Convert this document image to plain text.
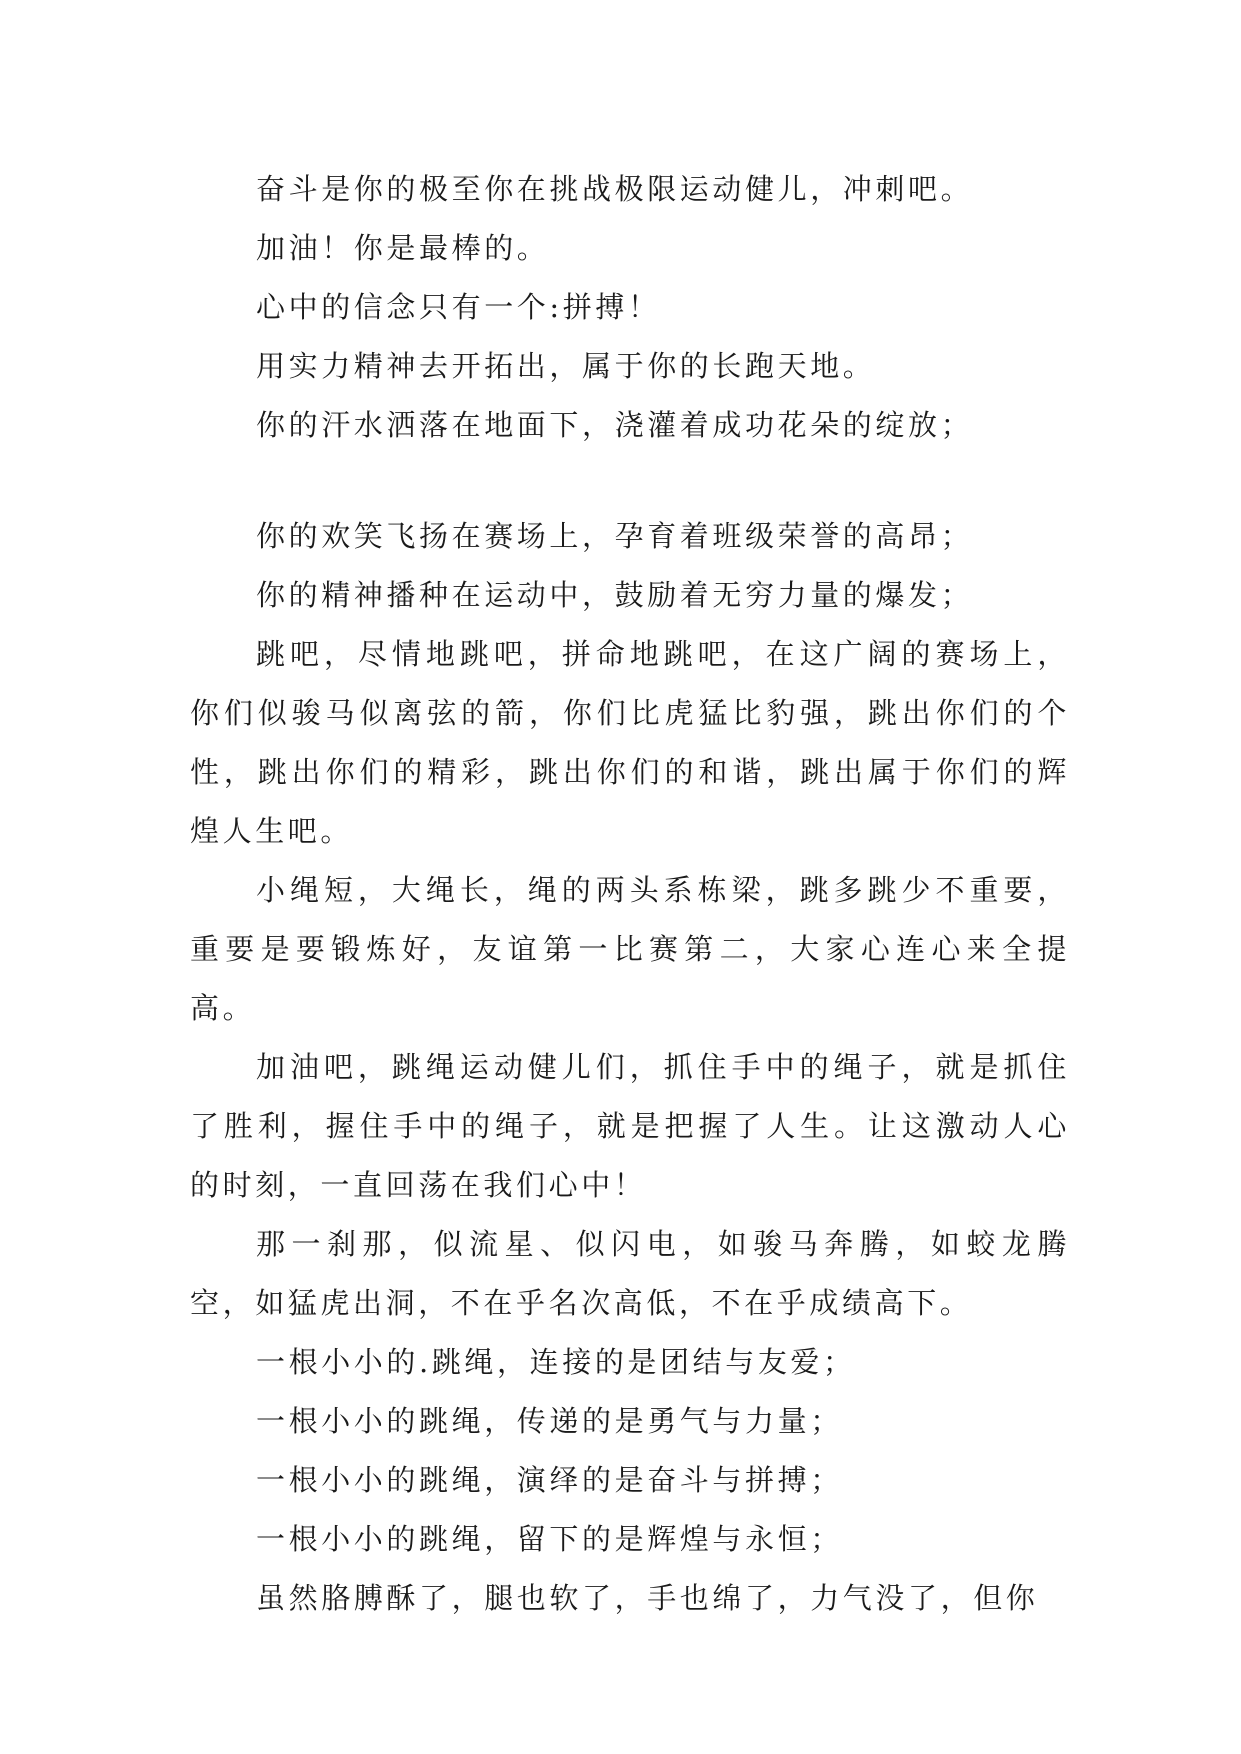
奋斗是你的极至你在挑战极限运动健儿，冲刺吧。

加油！你是最棒的。

心中的信念只有一个:拼搏！

用实力精神去开拓出，属于你的长跑天地。

你的汗水洒落在地面下，浇灌着成功花朵的绽放；

你的欢笑飞扬在赛场上，孕育着班级荣誉的高昂；

你的精神播种在运动中，鼓励着无穷力量的爆发；

跳吧，尽情地跳吧，拼命地跳吧，在这广阔的赛场上，你们似骏马似离弦的箭，你们比虎猛比豹强，跳出你们的个性，跳出你们的精彩，跳出你们的和谐，跳出属于你们的辉煌人生吧。

小绳短，大绳长，绳的两头系栋梁，跳多跳少不重要，重要是要锻炼好，友谊第一比赛第二，大家心连心来全提高。

加油吧，跳绳运动健儿们，抓住手中的绳子，就是抓住了胜利，握住手中的绳子，就是把握了人生。让这激动人心的时刻，一直回荡在我们心中！

那一刹那，似流星、似闪电，如骏马奔腾，如蛟龙腾空，如猛虎出洞，不在乎名次高低，不在乎成绩高下。

一根小小的.跳绳，连接的是团结与友爱；

一根小小的跳绳，传递的是勇气与力量；

一根小小的跳绳，演绎的是奋斗与拼搏；

一根小小的跳绳，留下的是辉煌与永恒；

虽然胳膊酥了，腿也软了，手也绵了，力气没了，但你
